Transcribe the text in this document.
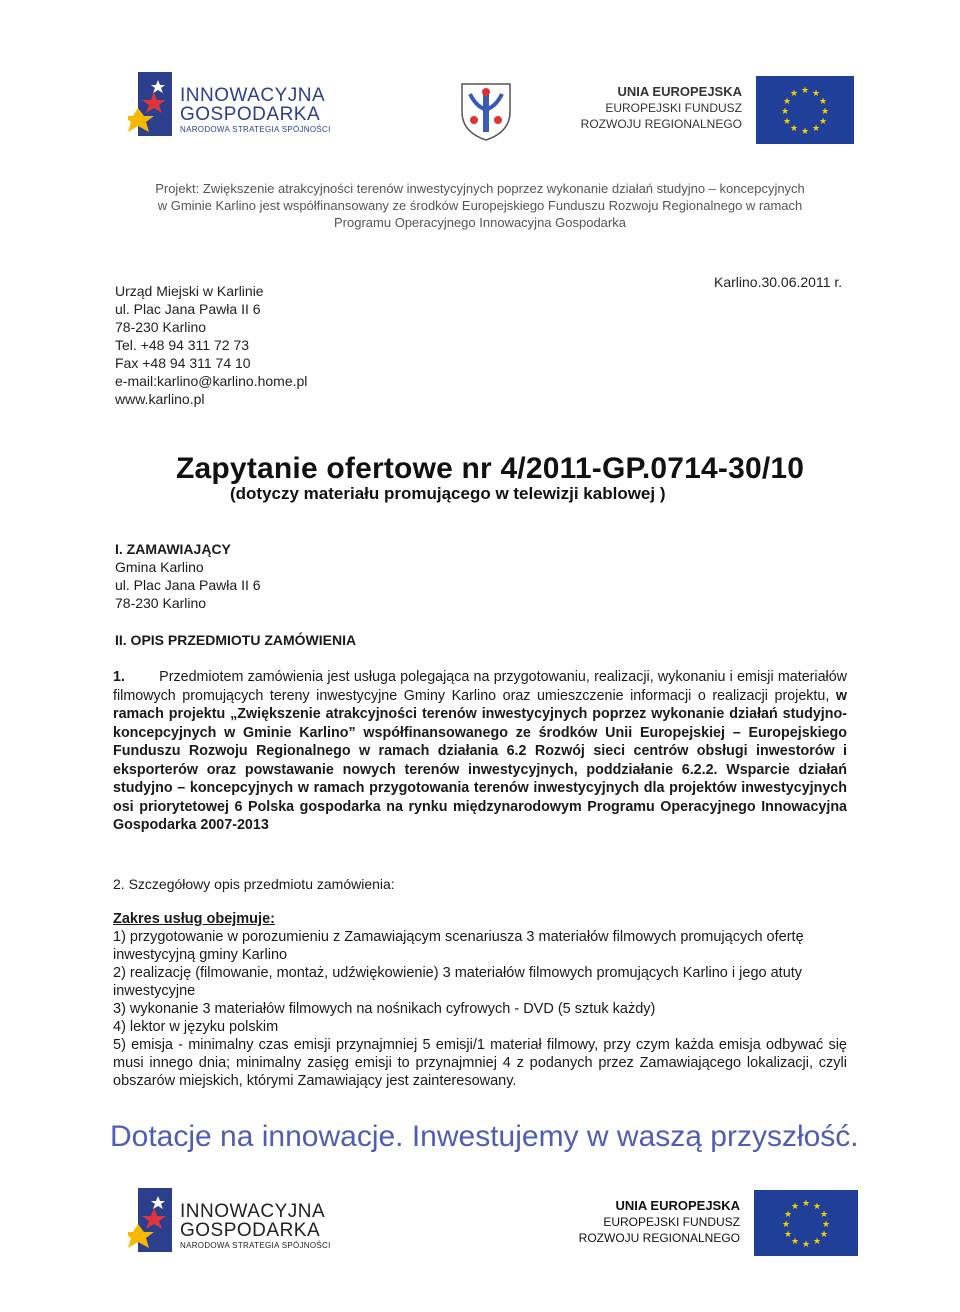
INNOWACYJNA
GOSPODARKA
NARODOWA STRATEGIA SPÓJNOŚCI
UNIA EUROPEJSKA
EUROPEJSKI FUNDUSZ
ROZWOJU REGIONALNEGO
★ ★
★
★
★
★
★
★
★
★
★
★
Projekt: Zwiększenie atrakcyjności terenów inwestycyjnych poprzez wykonanie działań studyjno – koncepcyjnych
w Gminie Karlino jest współfinansowany ze środków Europejskiego Funduszu Rozwoju Regionalnego w ramach
Programu Operacyjnego Innowacyjna Gospodarka
Urząd Miejski w Karlinie
ul. Plac Jana Pawła II 6
78-230 Karlino
Tel. +48 94 311 72 73
Fax +48 94 311 74 10
e-mail:karlino@karlino.home.pl
www.karlino.pl
Karlino.30.06.2011 r.
Zapytanie ofertowe nr 4/2011-GP.0714-30/10
(dotyczy materiału promującego w telewizji kablowej )
I. ZAMAWIAJĄCY
Gmina Karlino
ul. Plac Jana Pawła II 6
78-230 Karlino
II. OPIS PRZEDMIOTU ZAMÓWIENIA
1. Przedmiotem zamówienia jest usługa polegająca na przygotowaniu, realizacji, wykonaniu i emisji materiałów filmowych promujących tereny inwestycyjne Gminy Karlino oraz umieszczenie informacji o realizacji projektu, w ramach projektu „Zwiększenie atrakcyjności terenów inwestycyjnych poprzez wykonanie działań studyjno-koncepcyjnych w Gminie Karlino” współfinansowanego ze środków Unii Europejskiej – Europejskiego Funduszu Rozwoju Regionalnego w ramach działania 6.2 Rozwój sieci centrów obsługi inwestorów i eksporterów oraz powstawanie nowych terenów inwestycyjnych, poddziałanie 6.2.2. Wsparcie działań studyjno – koncepcyjnych w ramach przygotowania terenów inwestycyjnych dla projektów inwestycyjnych osi priorytetowej 6 Polska gospodarka na rynku międzynarodowym Programu Operacyjnego Innowacyjna Gospodarka 2007-2013
2. Szczegółowy opis przedmiotu zamówienia:
Zakres usług obejmuje:
1) przygotowanie w porozumieniu z Zamawiającym scenariusza 3 materiałów filmowych promujących ofertę inwestycyjną gminy Karlino
2) realizację (filmowanie, montaż, udźwiękowienie) 3 materiałów filmowych promujących Karlino i jego atuty inwestycyjne
3) wykonanie 3 materiałów filmowych na nośnikach cyfrowych - DVD (5 sztuk każdy)
4) lektor w języku polskim
5) emisja - minimalny czas emisji przynajmniej 5 emisji/1 materiał filmowy, przy czym każda emisja odbywać się musi innego dnia; minimalny zasięg emisji to przynajmniej 4 z podanych przez Zamawiającego lokalizacji, czyli obszarów miejskich, którymi Zamawiający jest zainteresowany.
Dotacje na innowacje. Inwestujemy w waszą przyszłość.
INNOWACYJNA
GOSPODARKA
NARODOWA STRATEGIA SPÓJNOŚCI
UNIA EUROPEJSKA
EUROPEJSKI FUNDUSZ
ROZWOJU REGIONALNEGO
★ ★
★
★
★
★
★
★
★
★
★
★
